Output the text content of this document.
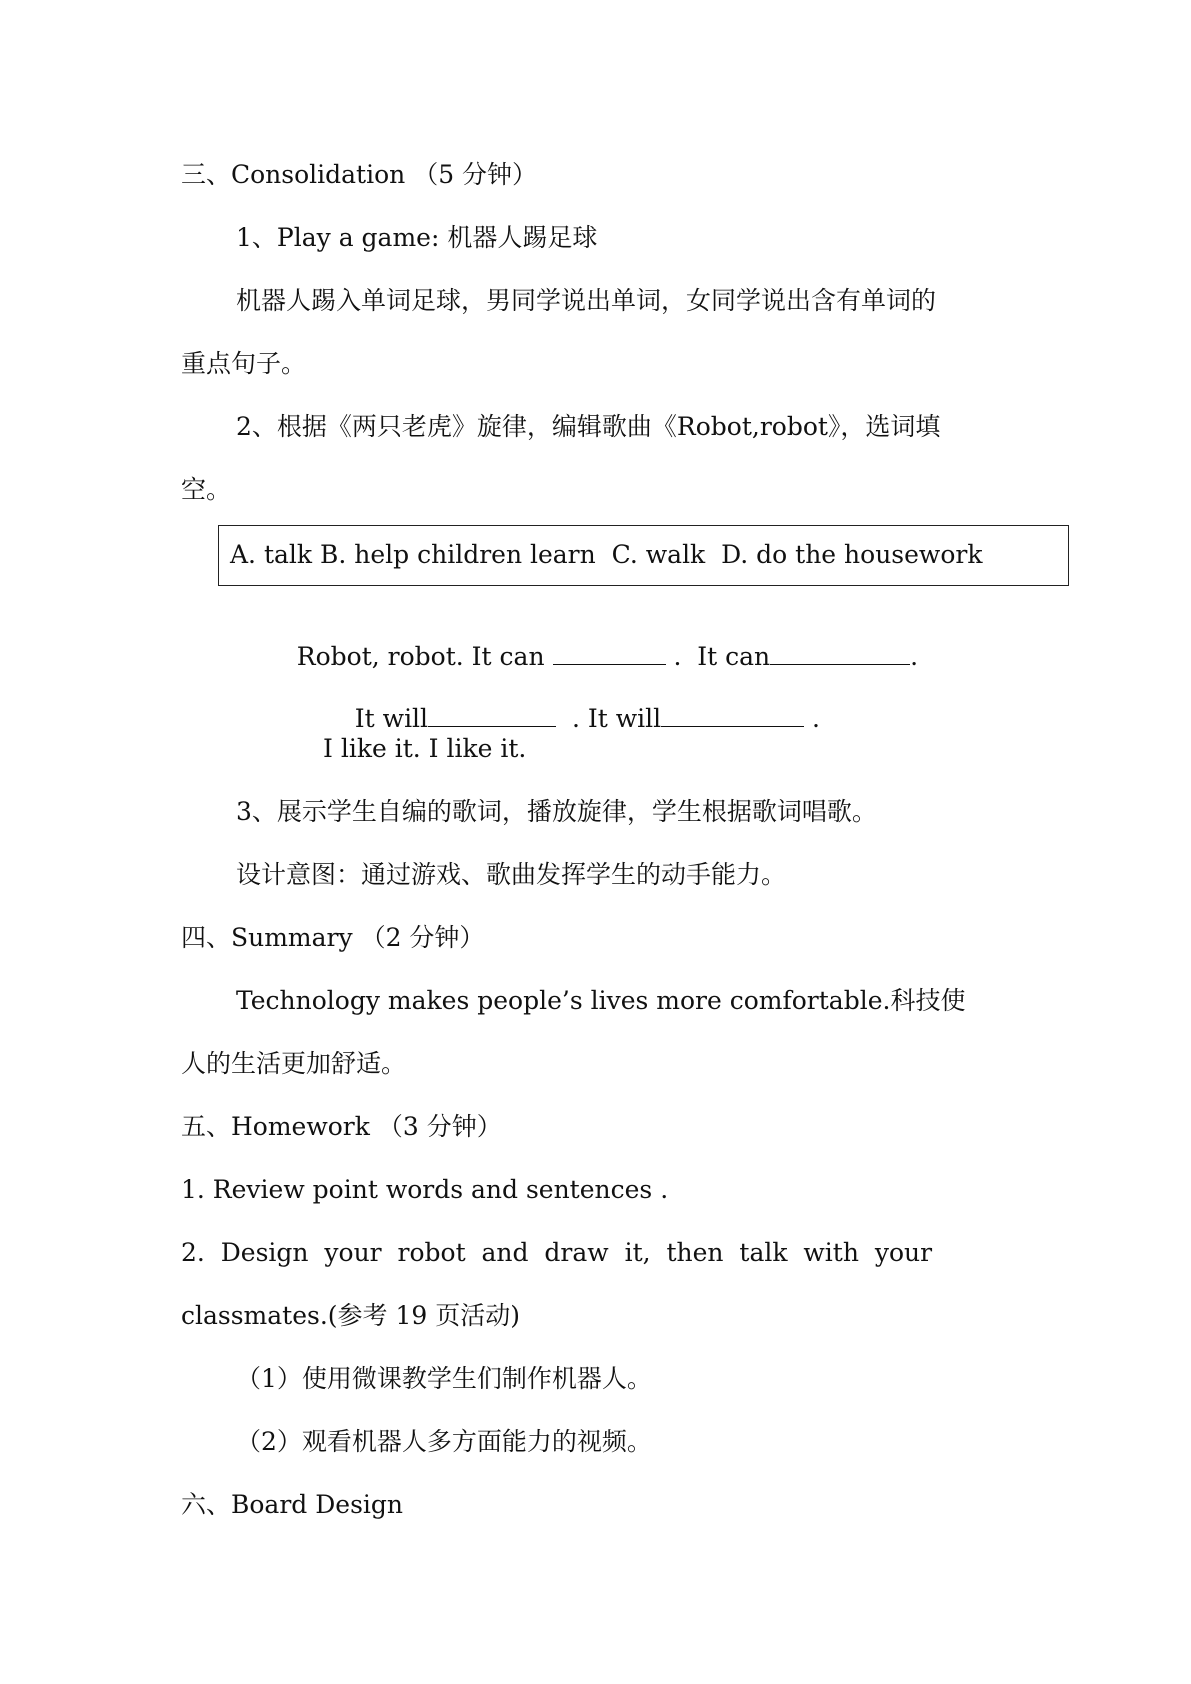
三、Consolidation （5 分钟）
1、Play a game: 机器人踢足球
机器人踢入单词足球，男同学说出单词，女同学说出含有单词的
重点句子。
2、根据《两只老虎》旋律，编辑歌曲《Robot,robot》，选词填
空。
A. talk B. help children learn  C. walk  D. do the housework

Robot, robot. It can	.  It can	.

It will	. It will	.

I like it. I like it.
3、展示学生自编的歌词，播放旋律，学生根据歌词唱歌。
设计意图：通过游戏、歌曲发挥学生的动手能力。
四、Summary （2 分钟）
Technology makes people’s lives more comfortable.科技使
人的生活更加舒适。
五、Homework （3 分钟）
1. Review point words and sentences .
2.  Design  your  robot  and  draw  it,  then  talk  with  your
classmates.(参考 19 页活动)
（1）使用微课教学生们制作机器人。
（2）观看机器人多方面能力的视频。
六、Board Design
